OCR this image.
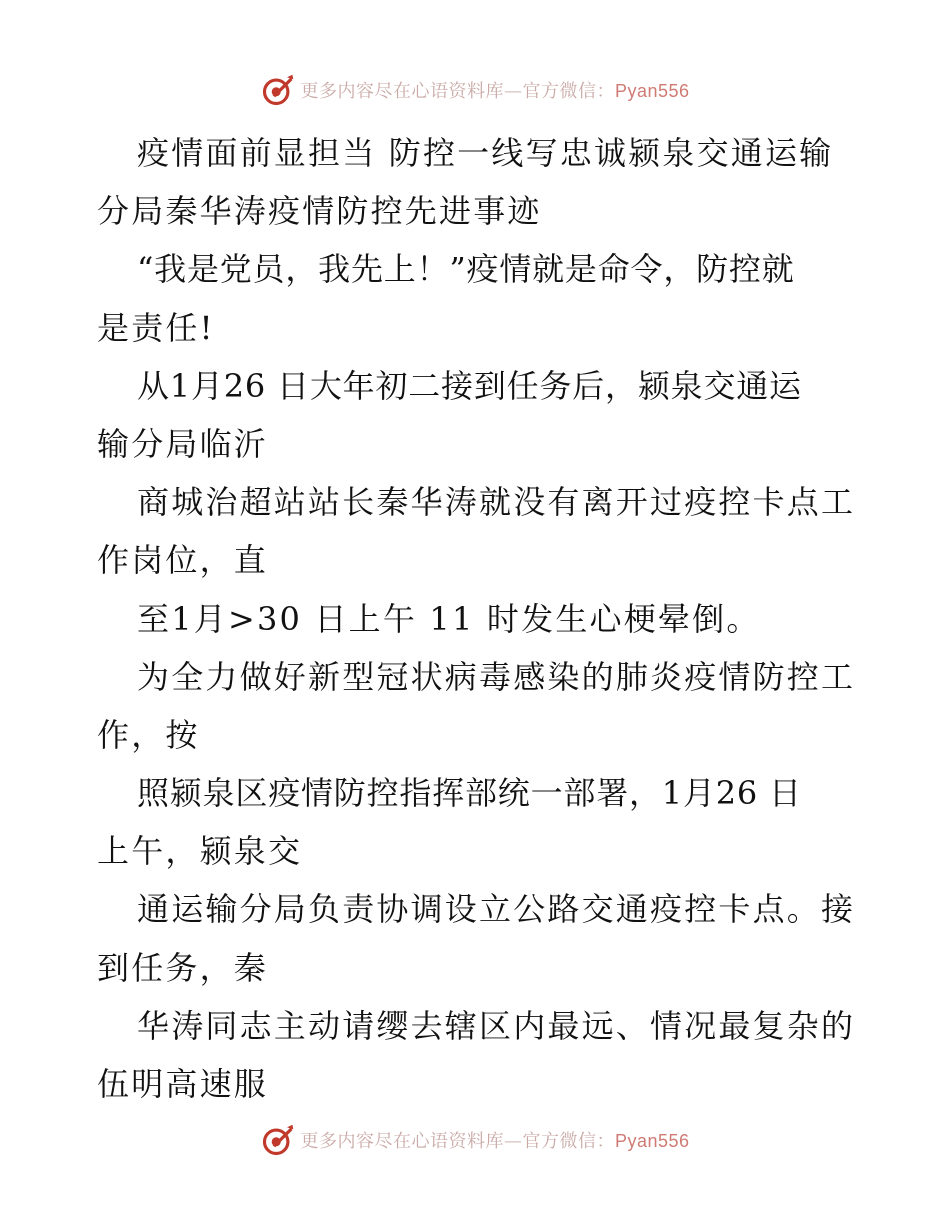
更多内容尽在心语资料库—官方微信：Pyan556
疫情面前显担当 防控一线写忠诚颍泉交通运输
分局秦华涛疫情防控先进事迹
“我是党员，我先上！”疫情就是命令，防控就
是责任!
从1月26 日大年初二接到任务后，颍泉交通运
输分局临沂
商城治超站站长秦华涛就没有离开过疫控卡点工
作岗位，直
至1月>30 日上午 11 时发生心梗晕倒。
为全力做好新型冠状病毒感染的肺炎疫情防控工
作，按
照颍泉区疫情防控指挥部统一部署，1月26 日
上午，颍泉交
通运输分局负责协调设立公路交通疫控卡点。接
到任务，秦
华涛同志主动请缨去辖区内最远、情况最复杂的
伍明高速服
更多内容尽在心语资料库—官方微信：Pyan556
